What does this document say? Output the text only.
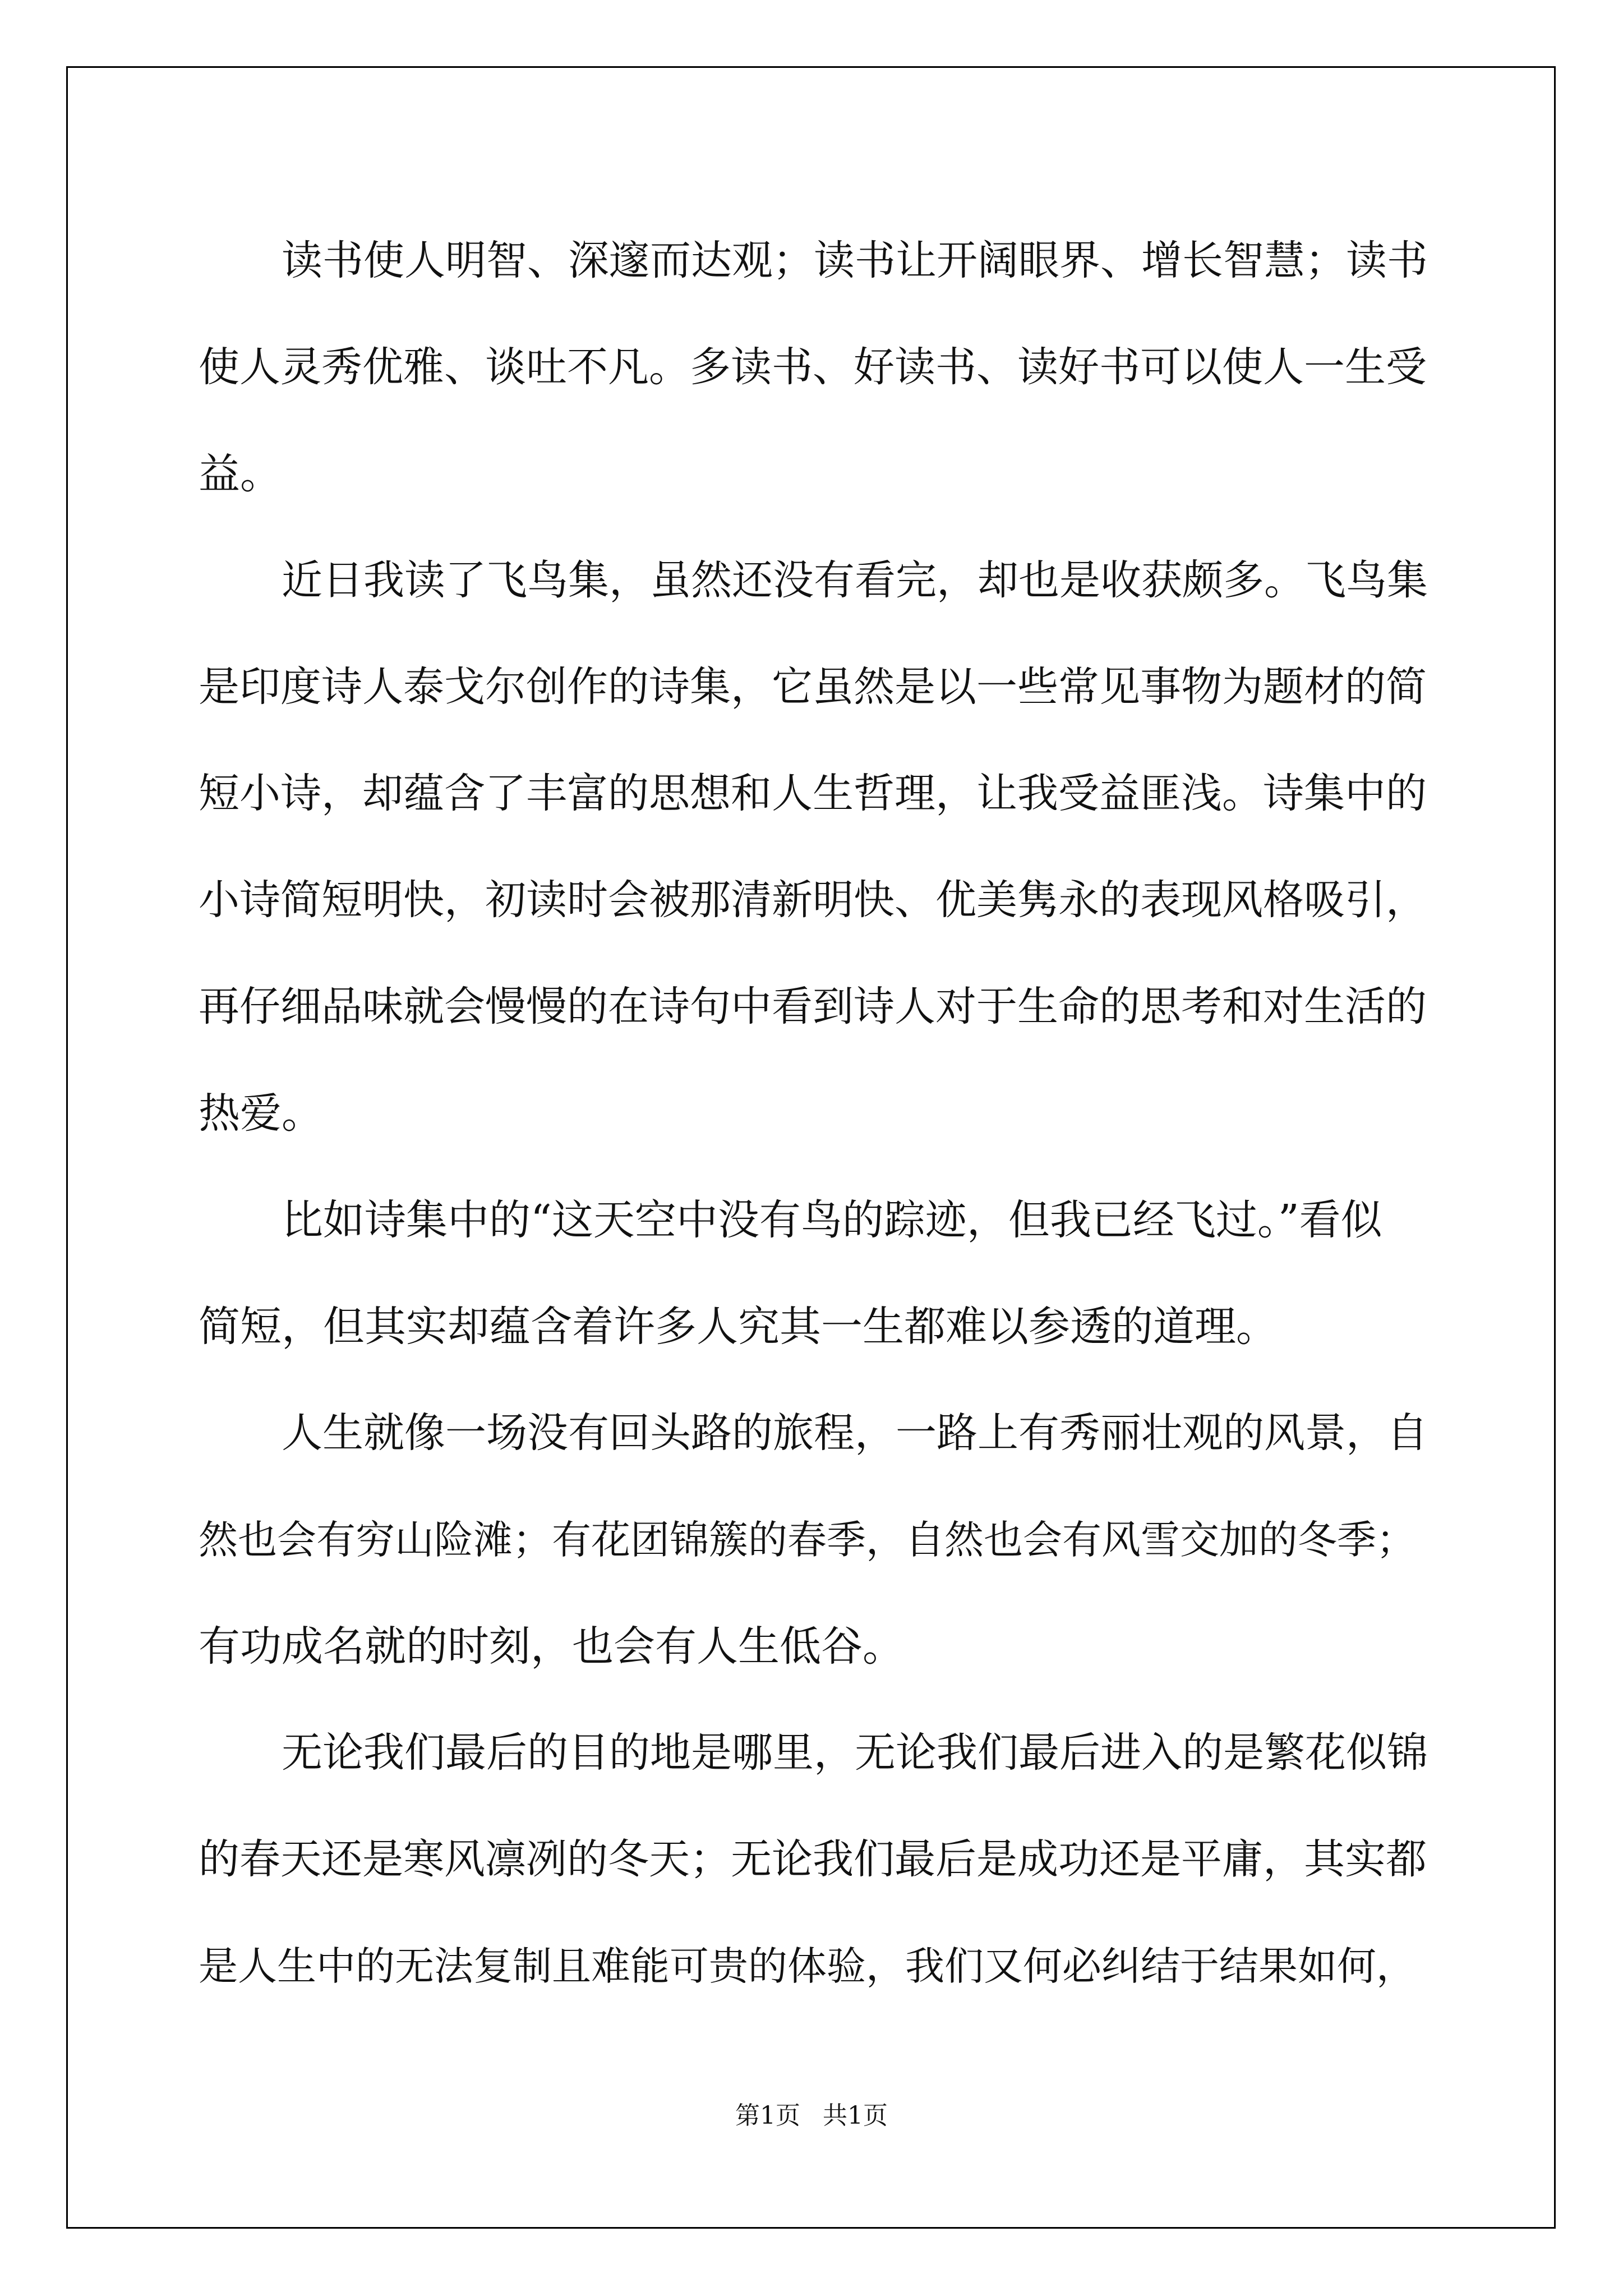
读书使人明智、深邃而达观；读书让开阔眼界、增长智慧；读书
使人灵秀优雅、谈吐不凡。多读书、好读书、读好书可以使人一生受
益。
近日我读了飞鸟集，虽然还没有看完，却也是收获颇多。飞鸟集
是印度诗人泰戈尔创作的诗集，它虽然是以一些常见事物为题材的简
短小诗，却蕴含了丰富的思想和人生哲理，让我受益匪浅。诗集中的
小诗简短明快，初读时会被那清新明快、优美隽永的表现风格吸引，
再仔细品味就会慢慢的在诗句中看到诗人对于生命的思考和对生活的
热爱。
比如诗集中的“这天空中没有鸟的踪迹，但我已经飞过。”看似
简短，但其实却蕴含着许多人究其一生都难以参透的道理。
人生就像一场没有回头路的旅程，一路上有秀丽壮观的风景，自
然也会有穷山险滩；有花团锦簇的春季，自然也会有风雪交加的冬季；
有功成名就的时刻，也会有人生低谷。
无论我们最后的目的地是哪里，无论我们最后进入的是繁花似锦
的春天还是寒风凛冽的冬天；无论我们最后是成功还是平庸，其实都
是人生中的无法复制且难能可贵的体验，我们又何必纠结于结果如何，
第1页 共1页
